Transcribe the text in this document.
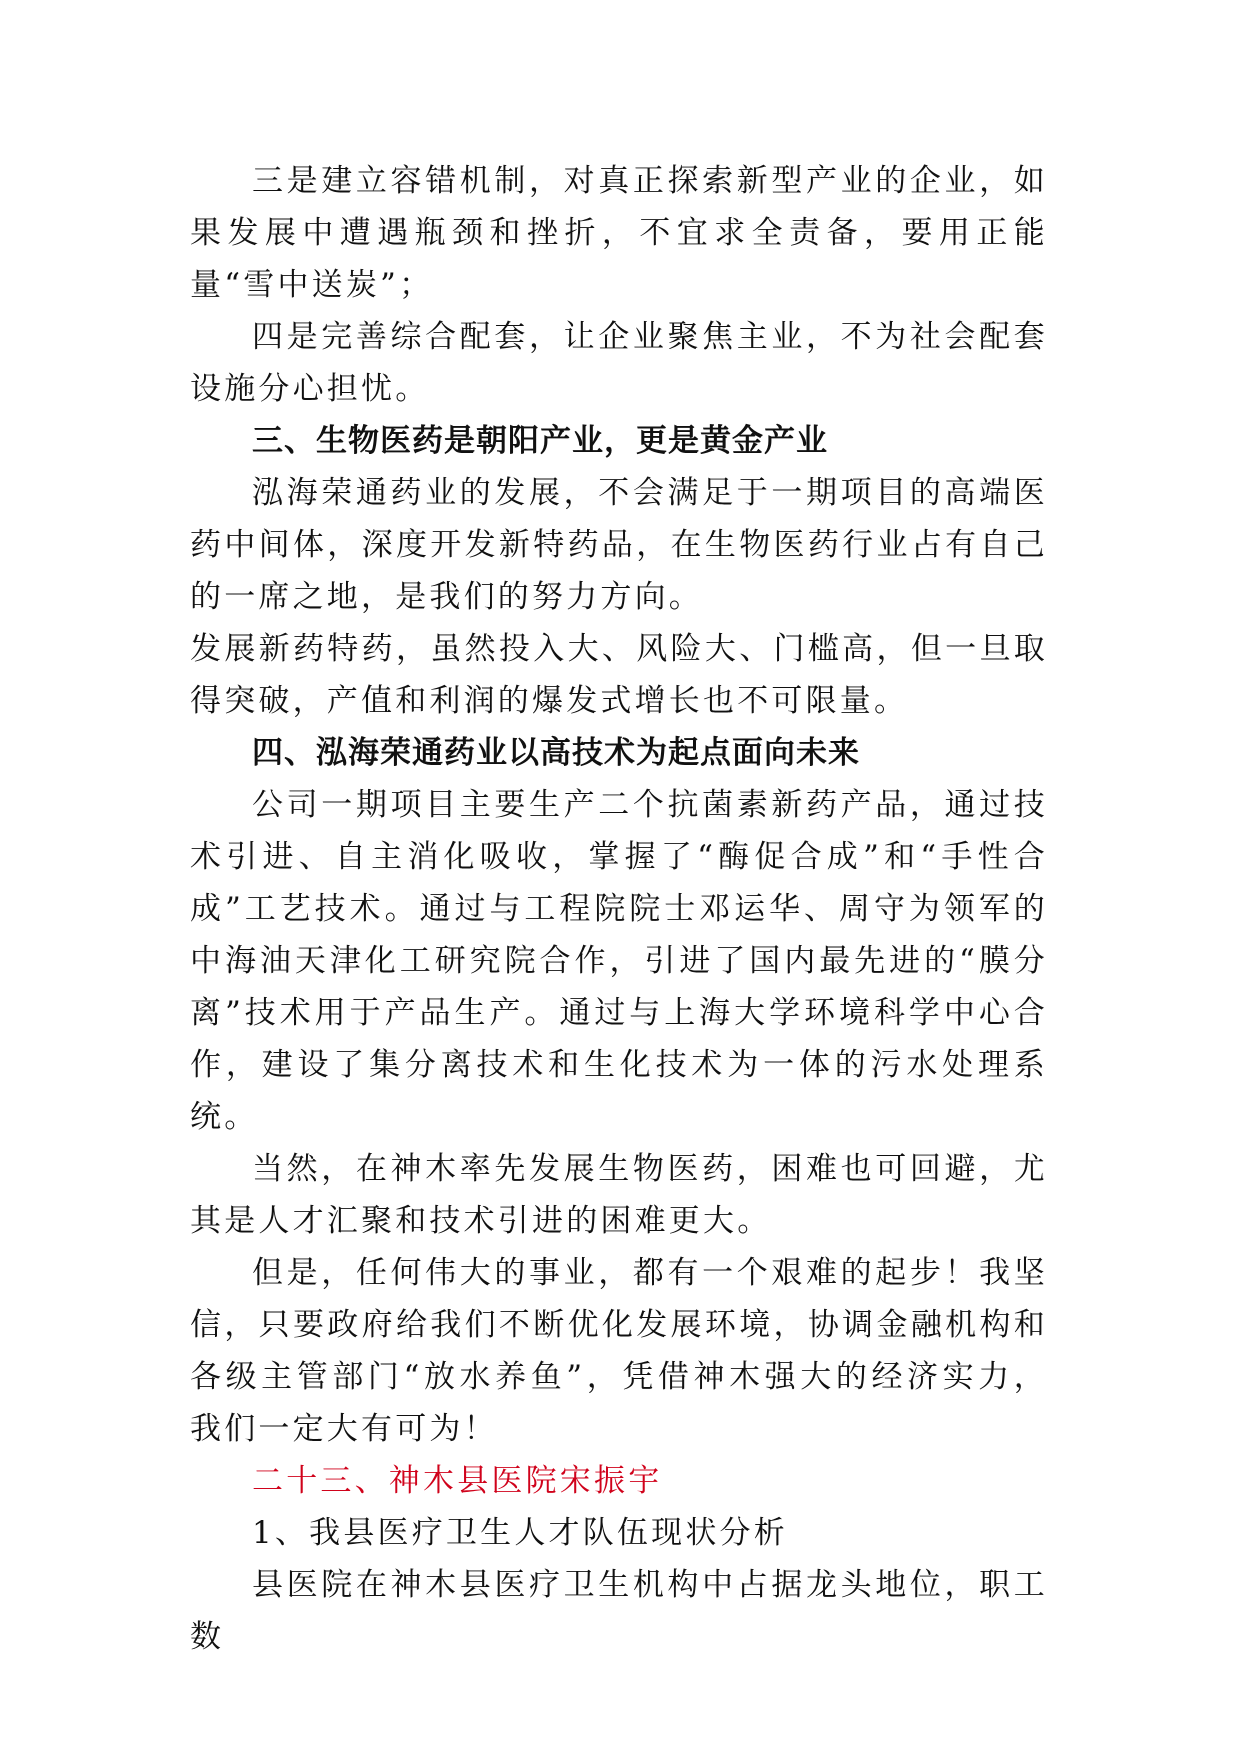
三是建立容错机制，对真正探索新型产业的企业，如果发展中遭遇瓶颈和挫折，不宜求全责备，要用正能量“雪中送炭”；

四是完善综合配套，让企业聚焦主业，不为社会配套设施分心担忧。

三、生物医药是朝阳产业，更是黄金产业

泓海荣通药业的发展，不会满足于一期项目的高端医药中间体，深度开发新特药品，在生物医药行业占有自己的一席之地，是我们的努力方向。

发展新药特药，虽然投入大、风险大、门槛高，但一旦取得突破，产值和利润的爆发式增长也不可限量。

四、泓海荣通药业以高技术为起点面向未来

公司一期项目主要生产二个抗菌素新药产品，通过技术引进、自主消化吸收，掌握了“酶促合成”和“手性合成”工艺技术。通过与工程院院士邓运华、周守为领军的中海油天津化工研究院合作，引进了国内最先进的“膜分离”技术用于产品生产。通过与上海大学环境科学中心合作，建设了集分离技术和生化技术为一体的污水处理系统。

当然，在神木率先发展生物医药，困难也可回避，尤其是人才汇聚和技术引进的困难更大。

但是，任何伟大的事业，都有一个艰难的起步！我坚信，只要政府给我们不断优化发展环境，协调金融机构和各级主管部门“放水养鱼”，凭借神木强大的经济实力，我们一定大有可为！

二十三、神木县医院宋振宇

1、我县医疗卫生人才队伍现状分析

县医院在神木县医疗卫生机构中占据龙头地位，职工数
